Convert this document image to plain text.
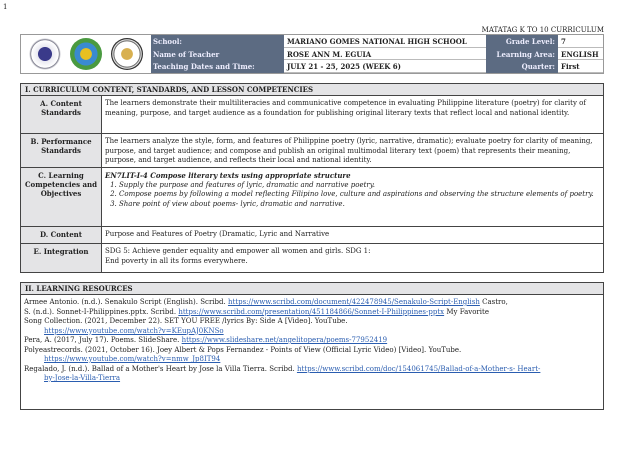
1
MATATAG K TO 10 CURRICULUM
School:
Name of Teacher
Teaching Dates and Time:
MARIANO GOMES NATIONAL HIGH SCHOOL
ROSE ANN M. EGUIA
JULY 21 - 25, 2025 (WEEK 6)
Grade Level:
Learning Area:
Quarter:
7
ENGLISH
First
I. CURRICULUM CONTENT, STANDARDS, AND LESSON COMPETENCIES
A. Content Standards
The learners demonstrate their multiliteracies and communicative competence in evaluating Philippine literature (poetry) for clarity of meaning, purpose, and target audience as a foundation for publishing original literary texts that reflect local and national identity.
B. Performance Standards
The learners analyze the style, form, and features of Philippine poetry (lyric, narrative, dramatic); evaluate poetry for clarity of meaning, purpose, and target audience; and compose and publish an original multimodal literary text (poem) that represents their meaning, purpose, and target audience, and reflects their local and national identity.
C. Learning Competencies and Objectives
EN7LIT-I-4 Compose literary texts using appropriate structure
1. Supply the purpose and features of lyric, dramatic and narrative poetry.
2. Compose poems by following a model reflecting Filipino love, culture and aspirations and observing the structure elements of poetry.
3. Share point of view about poems- lyric, dramatic and narrative.
D. Content	Purpose and Features of Poetry (Dramatic, Lyric and Narrative
E. Integration	SDG 5: Achieve gender equality and empower all women and girls. SDG 1:
End poverty in all its forms everywhere.
II. LEARNING RESOURCES
Armee Antonio. (n.d.). Senakulo Script (English). Scribd. https://www.scribd.com/document/422478945/Senakulo-Script-English Castro,
S. (n.d.). Sonnet-I-Philippines.pptx. Scribd. https://www.scribd.com/presentation/451184866/Sonnet-I-Philippines-pptx My Favorite
Song Collection. (2021, December 22). SET YOU FREE /lyrics By: Side A [Video]. YouTube.
https://www.youtube.com/watch?v=KEupAJ0KNSo
Pera, A. (2017, July 17). Poems. SlideShare. https://www.slideshare.net/angelitopera/poems-77952419
Polyeastrecords. (2021, October 16). Joey Albert & Pops Fernandez - Points of View (Official Lyric Video) [Video]. YouTube.
https://www.youtube.com/watch?v=nmw_Jp8IT94
Regalado, J. (n.d.). Ballad of a Mother's Heart by Jose la Villa Tierra. Scribd. https://www.scribd.com/doc/154061745/Ballad-of-a-Mother-s- Heart-
by-Jose-la-Villa-Tierra
